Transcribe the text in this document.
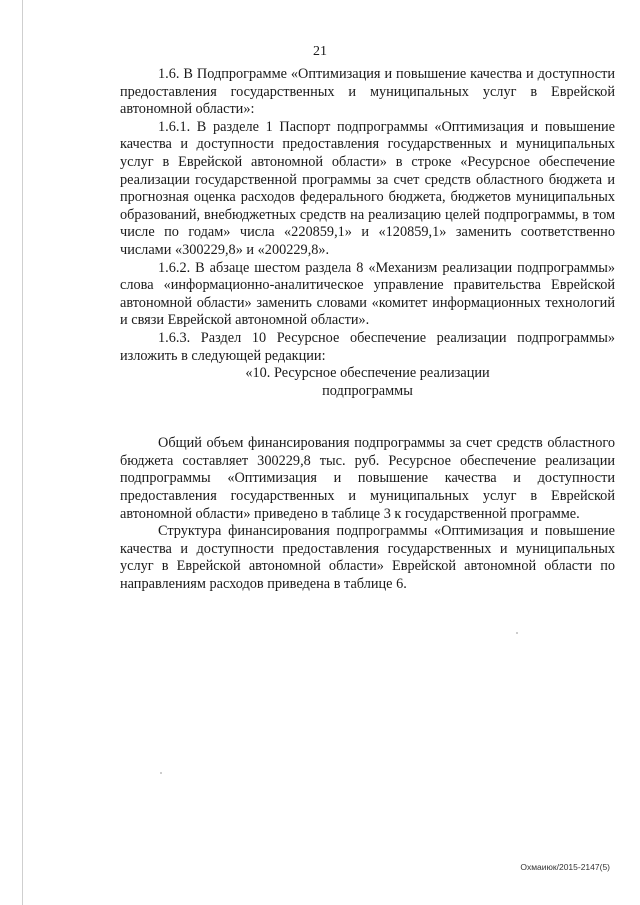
21

1.6. В Подпрограмме «Оптимизация и повышение качества и доступности предоставления государственных и муниципальных услуг в Еврейской автономной области»:

1.6.1. В разделе 1 Паспорт подпрограммы «Оптимизация и повышение качества и доступности предоставления государственных и муниципальных услуг в Еврейской автономной области» в строке «Ресурсное обеспечение реализации государственной программы за счет средств областного бюджета и прогнозная оценка расходов федерального бюджета, бюджетов муниципальных образований, внебюджетных средств на реализацию целей подпрограммы, в том числе по годам» числа «220859,1» и «120859,1» заменить соответственно числами «300229,8» и «200229,8».

1.6.2. В абзаце шестом раздела 8 «Механизм реализации подпрограммы» слова «информационно-аналитическое управление правительства Еврейской автономной области» заменить словами «комитет информационных технологий и связи Еврейской автономной области».

1.6.3. Раздел 10 Ресурсное обеспечение реализации подпрограммы» изложить в следующей редакции:

«10. Ресурсное обеспечение реализации

подпрограммы

Общий объем финансирования подпрограммы за счет средств областного бюджета составляет 300229,8 тыс. руб. Ресурсное обеспечение реализации подпрограммы «Оптимизация и повышение качества и доступности предоставления государственных и муниципальных услуг в Еврейской автономной области» приведено в таблице 3 к государственной программе.

Структура финансирования подпрограммы «Оптимизация и повышение качества и доступности предоставления государственных и муниципальных услуг в Еврейской автономной области» Еврейской автономной области по направлениям расходов приведена в таблице 6.

Охмаиюк/2015-2147(5)
